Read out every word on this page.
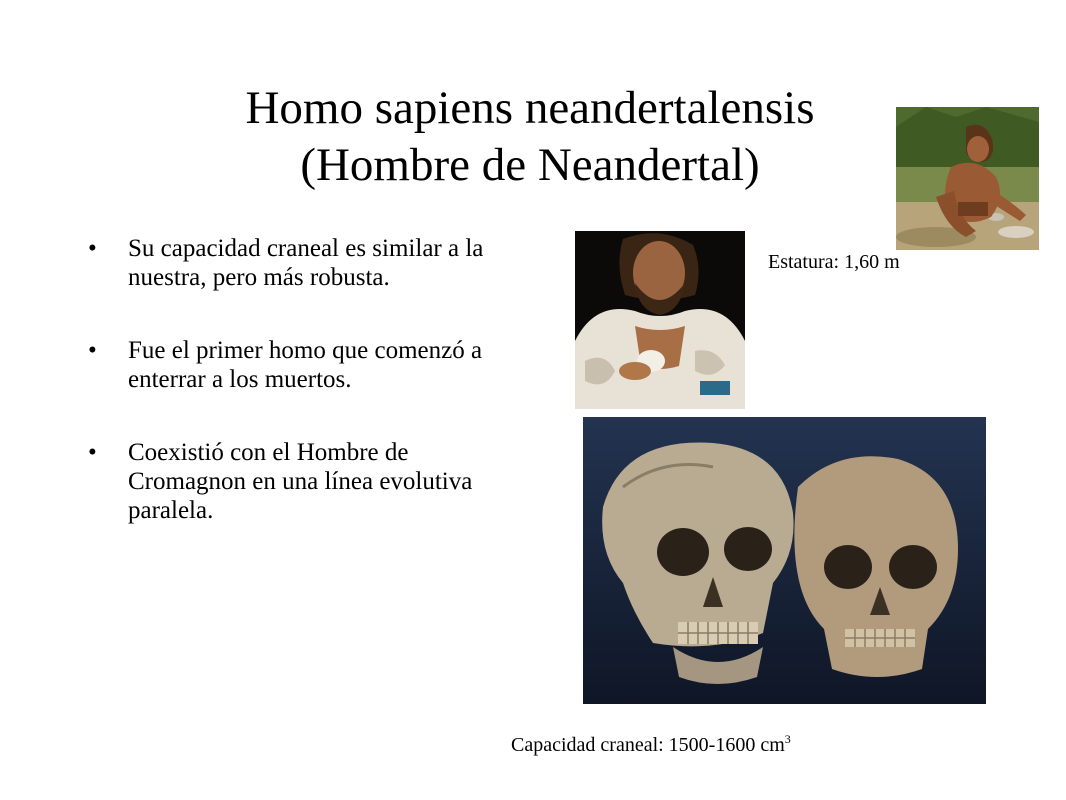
Homo sapiens neandertalensis
(Hombre de Neandertal)
• Su capacidad craneal es similar a la nuestra, pero más robusta.
• Fue el primer homo que comenzó a enterrar a los muertos.
• Coexistió con el Hombre de Cromagnon en una línea evolutiva paralela.
Estatura: 1,60 m
Capacidad craneal: 1500-1600 $cm^3$
